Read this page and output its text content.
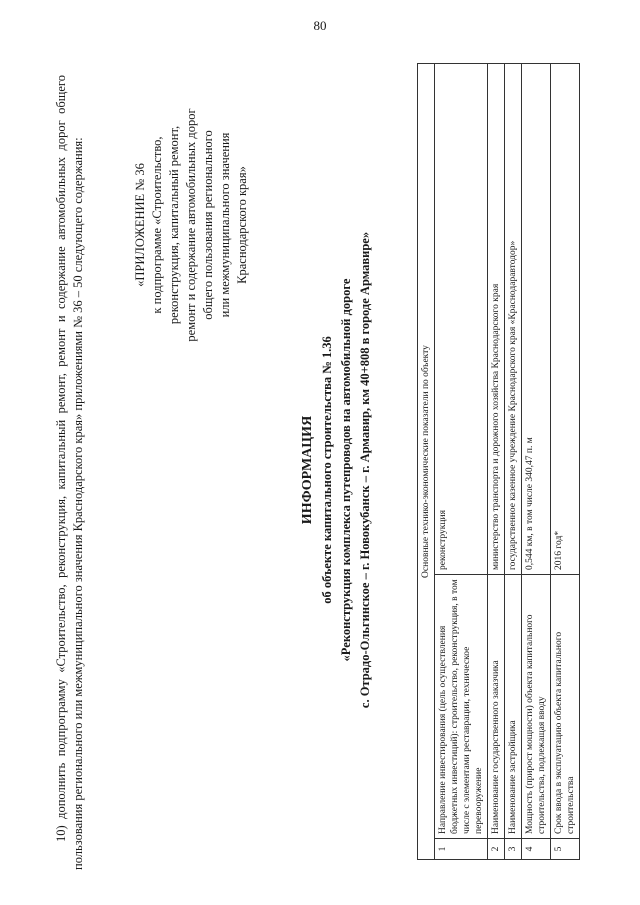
80

10) дополнить подпрограмму «Строительство, реконструкция, капитальный ремонт, ремонт и содержание автомобильных дорог общего пользования регионального или межмуниципального значения Краснодарского края» приложениями № 36 – 50 следующего содержания:	«ПРИЛОЖЕНИЕ № 36 к подпрограмме «Строительство, реконструкция, капитальный ремонт, ремонт и содержание автомобильных дорог общего пользования регионального или межмуниципального значения Краснодарского края»
ИНФОРМАЦИЯ об объекте капитального строительства № 1.36 «Реконструкция комплекса путепроводов на автомобильной дороге с. Отрадо-Ольгинское – г. Новокубанск – г. Армавир, км 40+808 в городе Армавире»	Основные технико-экономические показатели по объекту		
1	Направление инвестирования (цель осуществления бюджетных инвестиций): строительство, реконструкция, в том числе с элементами реставрации, техническое перевооружение	реконструкция
2	Наименование государственного заказчика	министерство транспорта и дорожного хозяйства Краснодарского края
3	Наименование застройщика	государственное казенное учреждение Краснодарского края «Краснодаравтодор»
4	Мощность (прирост мощности) объекта капитального строительства, подлежащая вводу	0,544 км, в том числе 340,47 п. м
5	Срок ввода в эксплуатацию объекта капитального строительства	2016 год*
